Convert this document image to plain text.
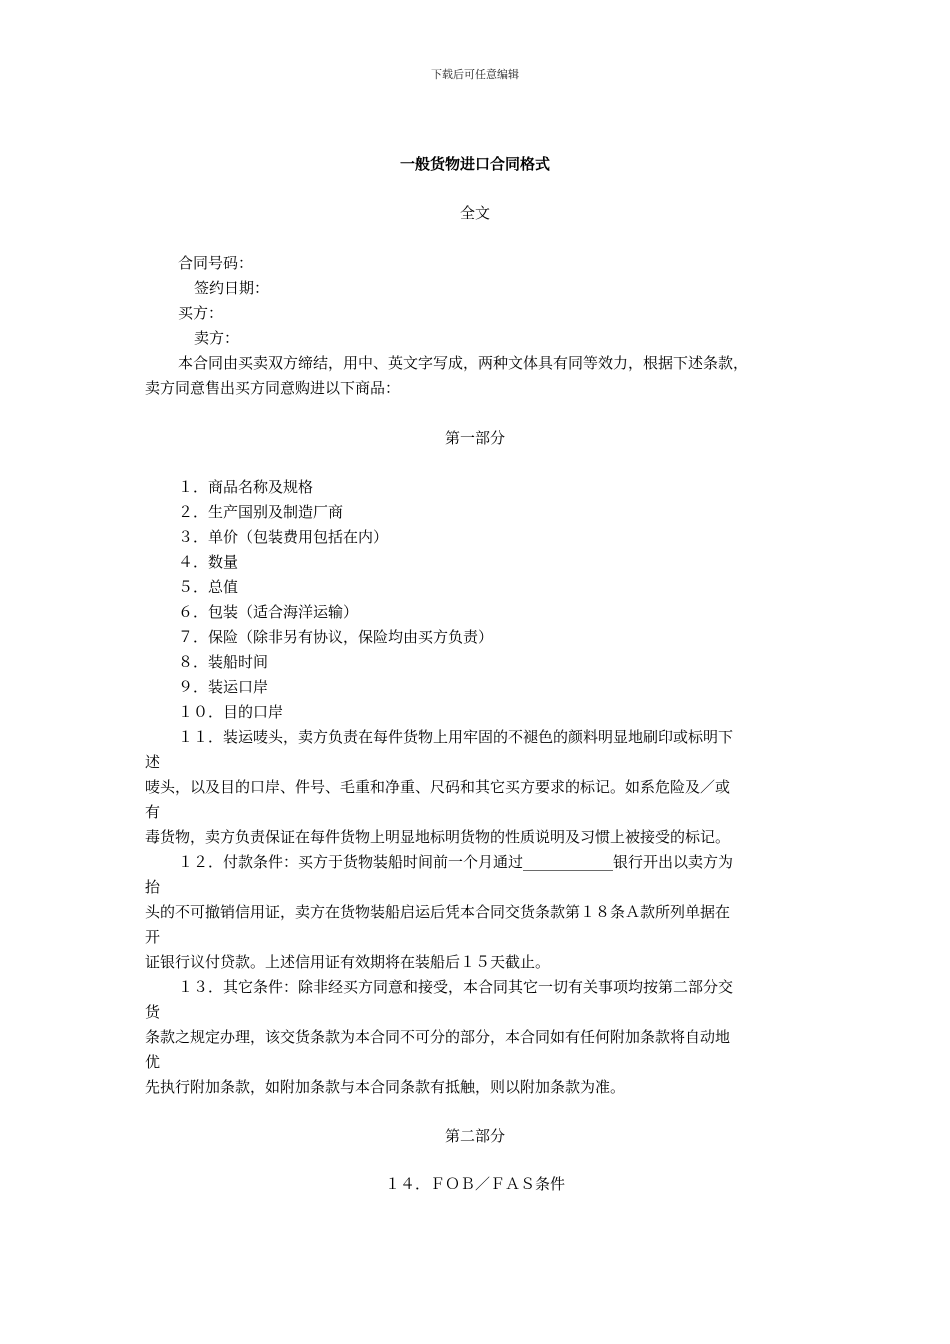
下载后可任意编辑
一般货物进口合同格式
全文
合同号码：
签约日期：
买方：
卖方：
本合同由买卖双方缔结，用中、英文字写成，两种文体具有同等效力，根据下述条款，
卖方同意售出买方同意购进以下商品：
第一部分
１．商品名称及规格
２．生产国别及制造厂商
３．单价（包装费用包括在内）
４．数量
５．总值
６．包装（适合海洋运输）
７．保险（除非另有协议，保险均由买方负责）
８．装船时间
９．装运口岸
１０．目的口岸
１１．装运唛头，卖方负责在每件货物上用牢固的不褪色的颜料明显地刷印或标明下
述
唛头，以及目的口岸、件号、毛重和净重、尺码和其它买方要求的标记。如系危险及／或
有
毒货物，卖方负责保证在每件货物上明显地标明货物的性质说明及习惯上被接受的标记。
１２．付款条件：买方于货物装船时间前一个月通过____________银行开出以卖方为
抬
头的不可撤销信用证，卖方在货物装船启运后凭本合同交货条款第１８条Ａ款所列单据在
开
证银行议付贷款。上述信用证有效期将在装船后１５天截止。
１３．其它条件：除非经买方同意和接受，本合同其它一切有关事项均按第二部分交
货
条款之规定办理，该交货条款为本合同不可分的部分，本合同如有任何附加条款将自动地
优
先执行附加条款，如附加条款与本合同条款有抵触，则以附加条款为准。
第二部分
１４．ＦＯＢ／ＦＡＳ条件
